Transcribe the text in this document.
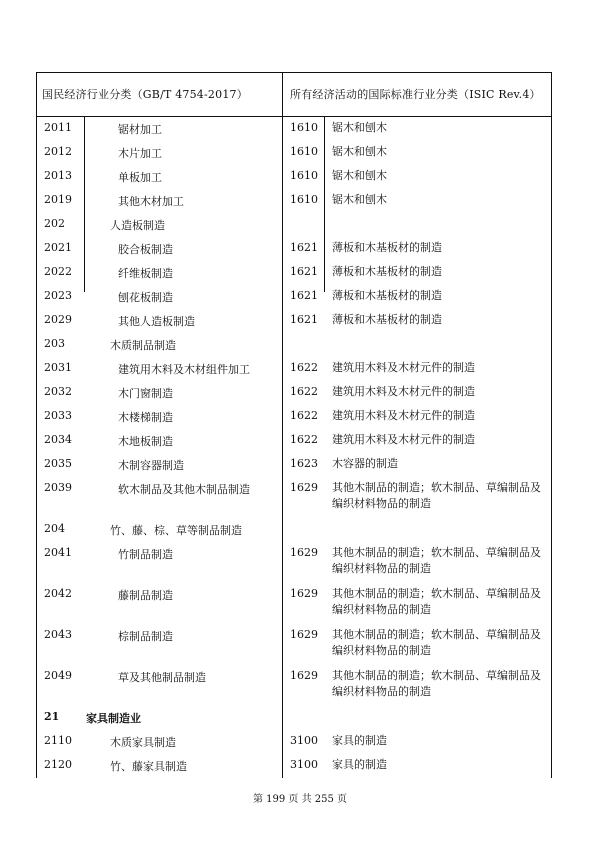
国民经济行业分类（GB/T 4754-2017）	所有经济活动的国际标准行业分类（ISIC Rev.4）
2011	锯材加工	1610 锯木和刨木
2012	木片加工	1610 锯木和刨木
2013	单板加工	1610 锯木和刨木
2019	其他木材加工	1610 锯木和刨木
202	人造板制造
2021	胶合板制造	1621 薄板和木基板材的制造
2022	纤维板制造	1621 薄板和木基板材的制造
2023	刨花板制造	1621 薄板和木基板材的制造
2029	其他人造板制造	1621 薄板和木基板材的制造
203	木质制品制造
2031	建筑用木料及木材组件加工	1622 建筑用木料及木材元件的制造
2032	木门窗制造	1622 建筑用木料及木材元件的制造
2033	木楼梯制造	1622 建筑用木料及木材元件的制造
2034	木地板制造	1622 建筑用木料及木材元件的制造
2035	木制容器制造	1623 木容器的制造
2039	软木制品及其他木制品制造	1629 其他木制品的制造；软木制品、草编制品及编织材料物品的制造
204	竹、藤、棕、草等制品制造
2041	竹制品制造	1629 其他木制品的制造；软木制品、草编制品及编织材料物品的制造
2042	藤制品制造	1629 其他木制品的制造；软木制品、草编制品及编织材料物品的制造
2043	棕制品制造	1629 其他木制品的制造；软木制品、草编制品及编织材料物品的制造
2049	草及其他制品制造	1629 其他木制品的制造；软木制品、草编制品及编织材料物品的制造
21 家具制造业
2110	木质家具制造	3100 家具的制造
2120	竹、藤家具制造	3100 家具的制造
第 199 页 共 255 页
